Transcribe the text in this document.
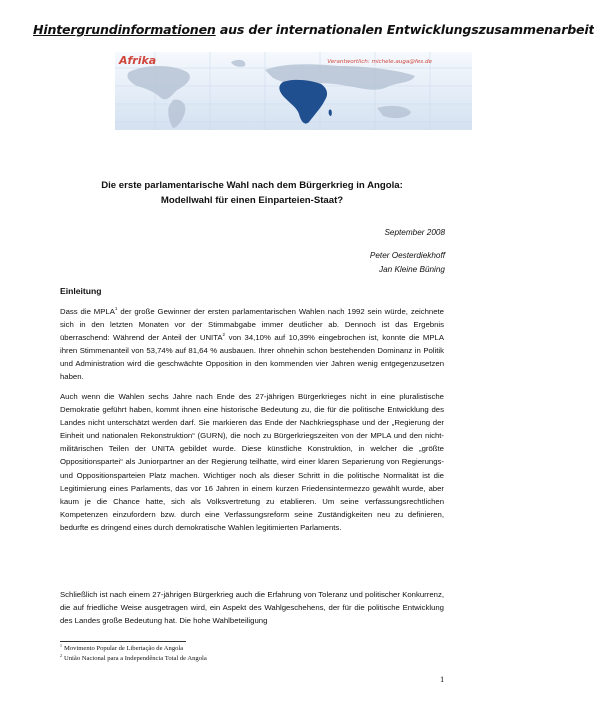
Hintergrundinformationen aus der internationalen Entwicklungszusammenarbeit
Afrika	Verantwortlich: michele.auga@fes.de
Die erste parlamentarische Wahl nach dem Bürgerkrieg in Angola:
Modellwahl für einen Einparteien-Staat?
September 2008
Peter Oesterdiekhoff
Jan Kleine Büning
Einleitung

Dass die MPLA$^1$ der große Gewinner der ersten parlamentarischen Wahlen nach 1992 sein würde, zeichnete sich in den letzten Monaten vor der Stimmabgabe immer deutlicher ab. Dennoch ist das Ergebnis überraschend: Während der Anteil der UNITA$^2$ von 34,10% auf 10,39% eingebrochen ist, konnte die MPLA ihren Stimmenanteil von 53,74% auf 81,64 % ausbauen. Ihrer ohnehin schon bestehenden Dominanz in Politik und Administration wird die geschwächte Opposition in den kommenden vier Jahren wenig entgegenzusetzen haben.

Auch wenn die Wahlen sechs Jahre nach Ende des 27-jährigen Bürgerkrieges nicht in eine pluralistische Demokratie geführt haben, kommt ihnen eine historische Bedeutung zu, die für die politische Entwicklung des Landes nicht unterschätzt werden darf. Sie markieren das Ende der Nachkriegsphase und der „Regierung der Einheit und nationalen Rekonstruktion“ (GURN), die noch zu Bürgerkriegszeiten von der MPLA und den nicht-militärischen Teilen der UNITA gebildet wurde. Diese künstliche Konstruktion, in welcher die „größte Oppositionspartei“ als Juniorpartner an der Regierung teilhatte, wird einer klaren Separierung von Regierungs- und Oppositionsparteien Platz machen. Wichtiger noch als dieser Schritt in die politische Normalität ist die Legitimierung eines Parlaments, das vor 16 Jahren in einem kurzen Friedensintermezzo gewählt wurde, aber kaum je die Chance hatte, sich als Volksvertretung zu etablieren. Um seine verfassungsrechtlichen Kompetenzen einzufordern bzw. durch eine Verfassungsreform seine Zuständigkeiten neu zu definieren, bedurfte es dringend eines durch demokratische Wahlen legitimierten Parlaments.

Schließlich ist nach einem 27-jährigen Bürgerkrieg auch die Erfahrung von Toleranz und politischer Konkurrenz, die auf friedliche Weise ausgetragen wird, ein Aspekt des Wahlgeschehens, der für die politische Entwicklung des Landes große Bedeutung hat. Die hohe Wahlbeteiligung

$^1$ Movimento Popular de Libertação de Angola
$^2$ União Nacional para a Independência Total de Angola
1
